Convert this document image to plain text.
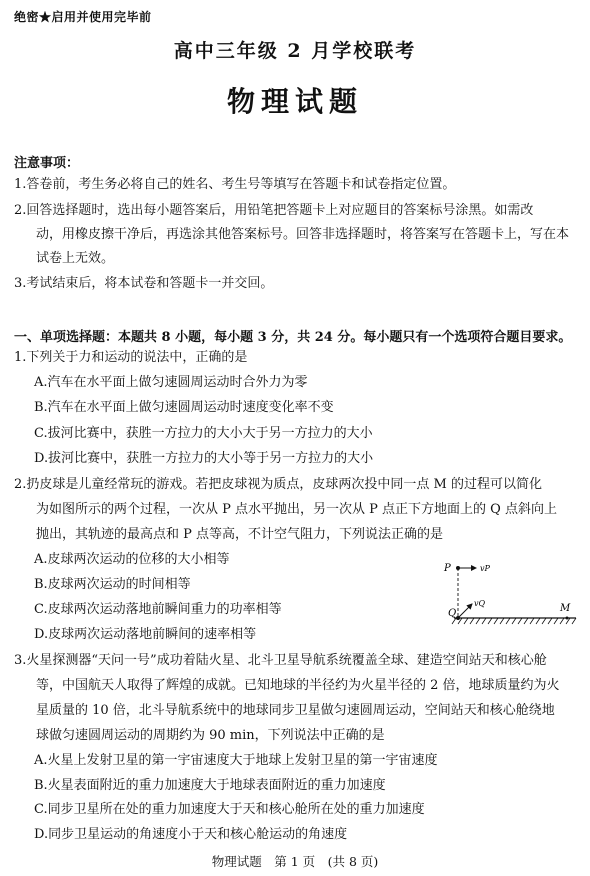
绝密★启用并使用完毕前
高中三年级 2 月学校联考
物理试题
注意事项：
1.答卷前，考生务必将自己的姓名、考生号等填写在答题卡和试卷指定位置。
2.回答选择题时，选出每小题答案后，用铅笔把答题卡上对应题目的答案标号涂黑。如需改
动，用橡皮擦干净后，再选涂其他答案标号。回答非选择题时，将答案写在答题卡上，写在本
试卷上无效。
3.考试结束后，将本试卷和答题卡一并交回。
一、单项选择题：本题共 8 小题，每小题 3 分，共 24 分。每小题只有一个选项符合题目要求。
1.下列关于力和运动的说法中，正确的是
A.汽车在水平面上做匀速圆周运动时合外力为零
B.汽车在水平面上做匀速圆周运动时速度变化率不变
C.拔河比赛中，获胜一方拉力的大小大于另一方拉力的大小
D.拔河比赛中，获胜一方拉力的大小等于另一方拉力的大小
2.扔皮球是儿童经常玩的游戏。若把皮球视为质点，皮球两次投中同一点 M 的过程可以简化
为如图所示的两个过程，一次从 P 点水平抛出，另一次从 P 点正下方地面上的 Q 点斜向上
抛出，其轨迹的最高点和 P 点等高，不计空气阻力，下列说法正确的是
A.皮球两次运动的位移的大小相等
B.皮球两次运动的时间相等
C.皮球两次运动落地前瞬间重力的功率相等
D.皮球两次运动落地前瞬间的速率相等
P	vP
Q
vQ	M
3.火星探测器“天问一号”成功着陆火星、北斗卫星导航系统覆盖全球、建造空间站天和核心舱
等，中国航天人取得了辉煌的成就。已知地球的半径约为火星半径的 2 倍，地球质量约为火
星质量的 10 倍，北斗导航系统中的地球同步卫星做匀速圆周运动，空间站天和核心舱绕地
球做匀速圆周运动的周期约为 90 min，下列说法中正确的是
A.火星上发射卫星的第一宇宙速度大于地球上发射卫星的第一宇宙速度
B.火星表面附近的重力加速度大于地球表面附近的重力加速度
C.同步卫星所在处的重力加速度大于天和核心舱所在处的重力加速度
D.同步卫星运动的角速度小于天和核心舱运动的角速度
物理试题　第 1 页　(共 8 页)
